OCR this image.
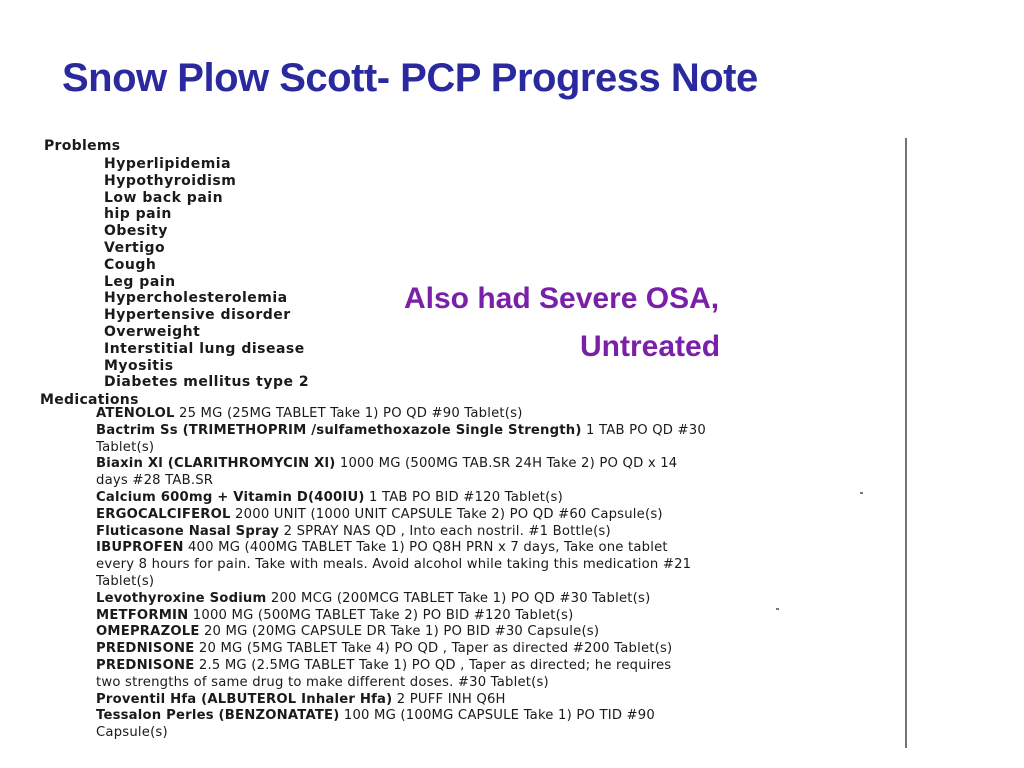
Snow Plow Scott- PCP Progress Note
Problems
Hyperlipidemia
Hypothyroidism
Low back pain
hip pain
Obesity
Vertigo
Cough
Leg pain
Hypercholesterolemia
Hypertensive disorder
Overweight
Interstitial lung disease
Myositis
Diabetes mellitus type 2
Medications
ATENOLOL 25 MG (25MG TABLET Take 1) PO QD #90 Tablet(s)
Bactrim Ss (TRIMETHOPRIM /sulfamethoxazole Single Strength) 1 TAB PO QD #30
Tablet(s)
Biaxin Xl (CLARITHROMYCIN Xl) 1000 MG (500MG TAB.SR 24H Take 2) PO QD x 14
days #28 TAB.SR
Calcium 600mg + Vitamin D(400IU) 1 TAB PO BID #120 Tablet(s)
ERGOCALCIFEROL 2000 UNIT (1000 UNIT CAPSULE Take 2) PO QD #60 Capsule(s)
Fluticasone Nasal Spray 2 SPRAY NAS QD , Into each nostril. #1 Bottle(s)
IBUPROFEN 400 MG (400MG TABLET Take 1) PO Q8H PRN x 7 days, Take one tablet
every 8 hours for pain. Take with meals. Avoid alcohol while taking this medication #21
Tablet(s)
Levothyroxine Sodium 200 MCG (200MCG TABLET Take 1) PO QD #30 Tablet(s)
METFORMIN 1000 MG (500MG TABLET Take 2) PO BID #120 Tablet(s)
OMEPRAZOLE 20 MG (20MG CAPSULE DR Take 1) PO BID #30 Capsule(s)
PREDNISONE 20 MG (5MG TABLET Take 4) PO QD , Taper as directed #200 Tablet(s)
PREDNISONE 2.5 MG (2.5MG TABLET Take 1) PO QD , Taper as directed; he requires
two strengths of same drug to make different doses. #30 Tablet(s)
Proventil Hfa (ALBUTEROL Inhaler Hfa) 2 PUFF INH Q6H
Tessalon Perles (BENZONATATE) 100 MG (100MG CAPSULE Take 1) PO TID #90
Capsule(s)
Also had Severe OSA,
Untreated
